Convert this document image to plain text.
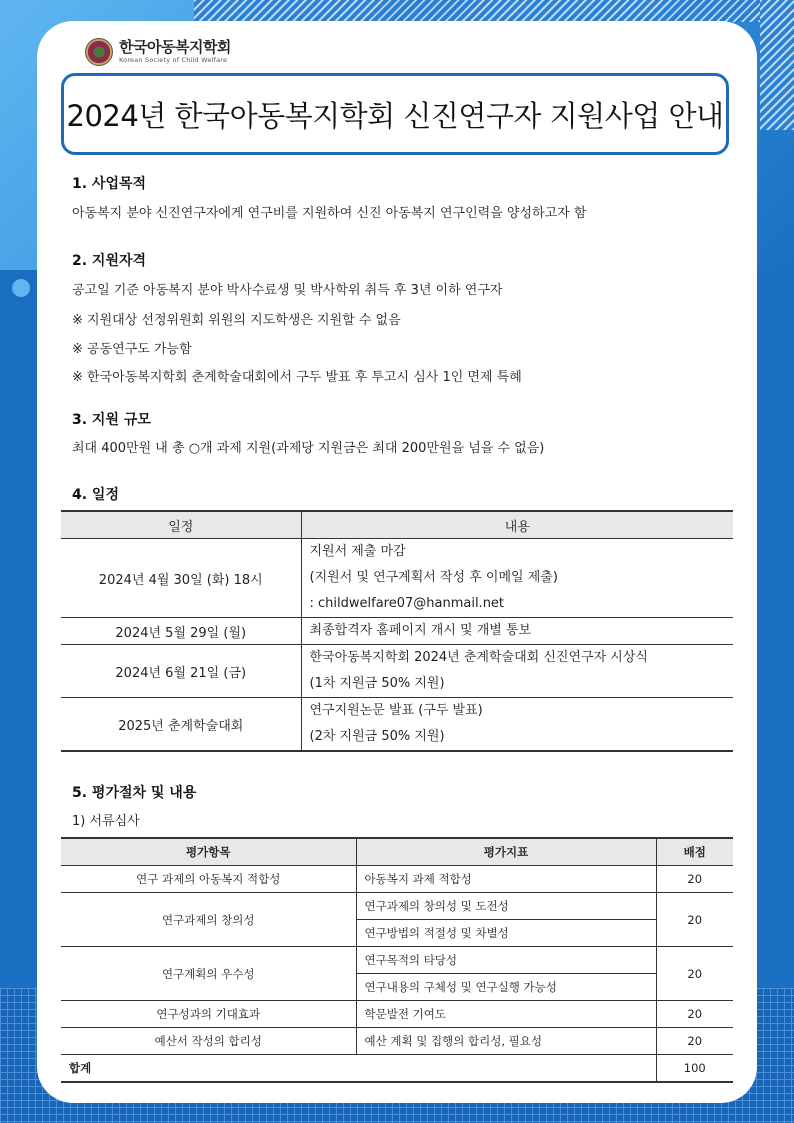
한국아동복지학회
Korean Society of Child Welfare
2024년 한국아동복지학회 신진연구자 지원사업 안내
1. 사업목적
아동복지 분야 신진연구자에게 연구비를 지원하여 신진 아동복지 연구인력을 양성하고자 함
2. 지원자격
공고일 기준 아동복지 분야 박사수료생 및 박사학위 취득 후 3년 이하 연구자
※ 지원대상 선정위원회 위원의 지도학생은 지원할 수 없음
※ 공동연구도 가능함
※ 한국아동복지학회 춘계학술대회에서 구두 발표 후 투고시 심사 1인 면제 특혜
3. 지원 규모
최대 400만원 내 총 ○개 과제 지원(과제당 지원금은 최대 200만원을 넘을 수 없음)
4. 일정
일정	내용
2024년 4월 30일 (화) 18시	지원서 제출 마감
(지원서 및 연구계획서 작성 후 이메일 제출)
: childwelfare07@hanmail.net

2024년 5월 29일 (월)	최종합격자 홈페이지 개시 및 개별 통보

2024년 6월 21일 (금)	한국아동복지학회 2024년 춘계학술대회 신진연구자 시상식
(1차 지원금 50% 지원)

2025년 춘계학술대회	연구지원논문 발표 (구두 발표)
(2차 지원금 50% 지원)
5. 평가절차 및 내용
1) 서류심사
평가항목	평가지표	배점
연구 과제의 아동복지 적합성	아동복지 과제 적합성	20
연구과제의 창의성	연구과제의 창의성 및 도전성	20
	연구방법의 적절성 및 차별성	
연구계획의 우수성	연구목적의 타당성	20
	연구내용의 구체성 및 연구실행 가능성	
연구성과의 기대효과	학문발전 기여도	20
예산서 작성의 합리성	예산 계획 및 집행의 합리성, 필요성	20
합계		100
